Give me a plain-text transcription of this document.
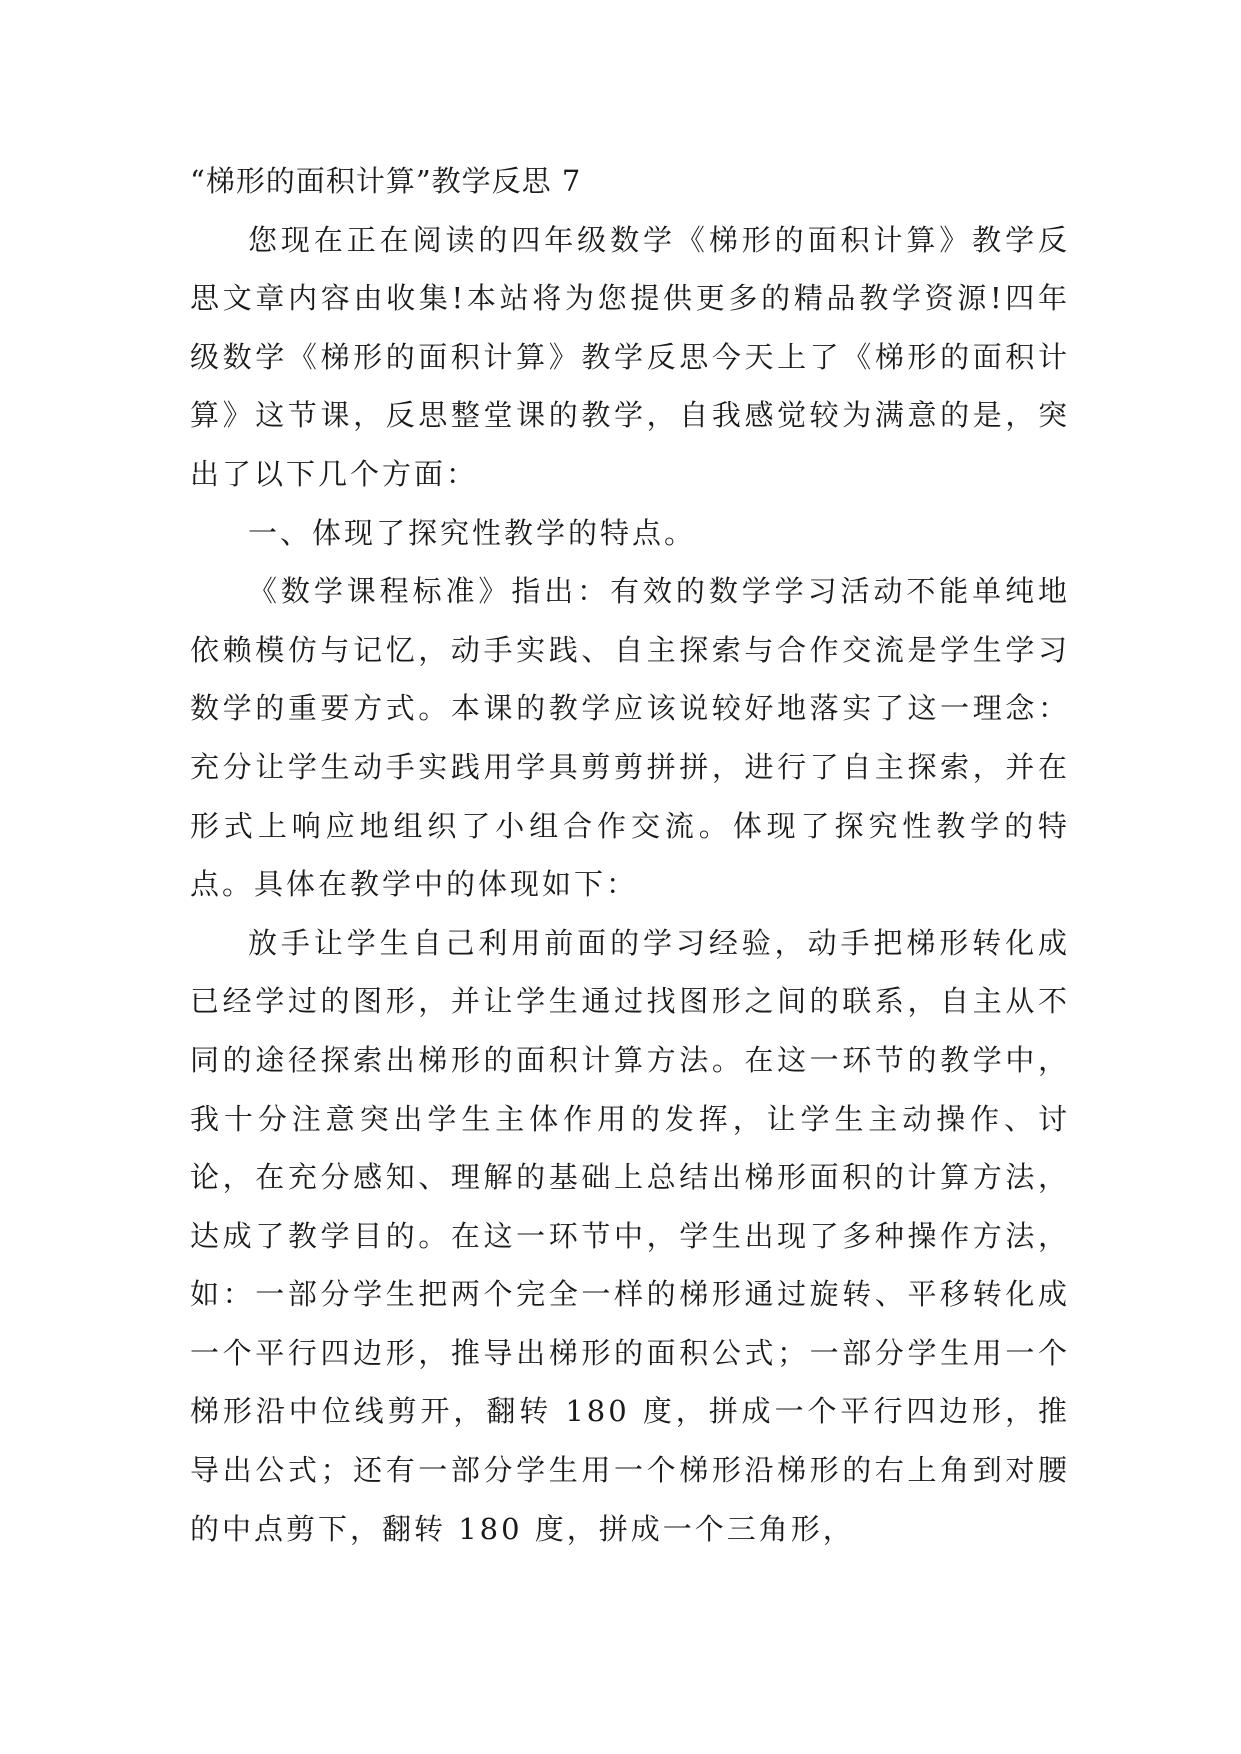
“梯形的面积计算”教学反思 7

您现在正在阅读的四年级数学《梯形的面积计算》教学反思文章内容由收集!本站将为您提供更多的精品教学资源!四年级数学《梯形的面积计算》教学反思今天上了《梯形的面积计算》这节课，反思整堂课的教学，自我感觉较为满意的是，突出了以下几个方面：

一、体现了探究性教学的特点。

《数学课程标准》指出：有效的数学学习活动不能单纯地依赖模仿与记忆，动手实践、自主探索与合作交流是学生学习数学的重要方式。本课的教学应该说较好地落实了这一理念：充分让学生动手实践用学具剪剪拼拼，进行了自主探索，并在形式上响应地组织了小组合作交流。体现了探究性教学的特点。具体在教学中的体现如下：

放手让学生自己利用前面的学习经验，动手把梯形转化成已经学过的图形，并让学生通过找图形之间的联系，自主从不同的途径探索出梯形的面积计算方法。在这一环节的教学中，我十分注意突出学生主体作用的发挥，让学生主动操作、讨论，在充分感知、理解的基础上总结出梯形面积的计算方法，达成了教学目的。在这一环节中，学生出现了多种操作方法，如：一部分学生把两个完全一样的梯形通过旋转、平移转化成一个平行四边形，推导出梯形的面积公式；一部分学生用一个梯形沿中位线剪开，翻转 180 度，拼成一个平行四边形，推导出公式；还有一部分学生用一个梯形沿梯形的右上角到对腰的中点剪下，翻转 180 度，拼成一个三角形，
